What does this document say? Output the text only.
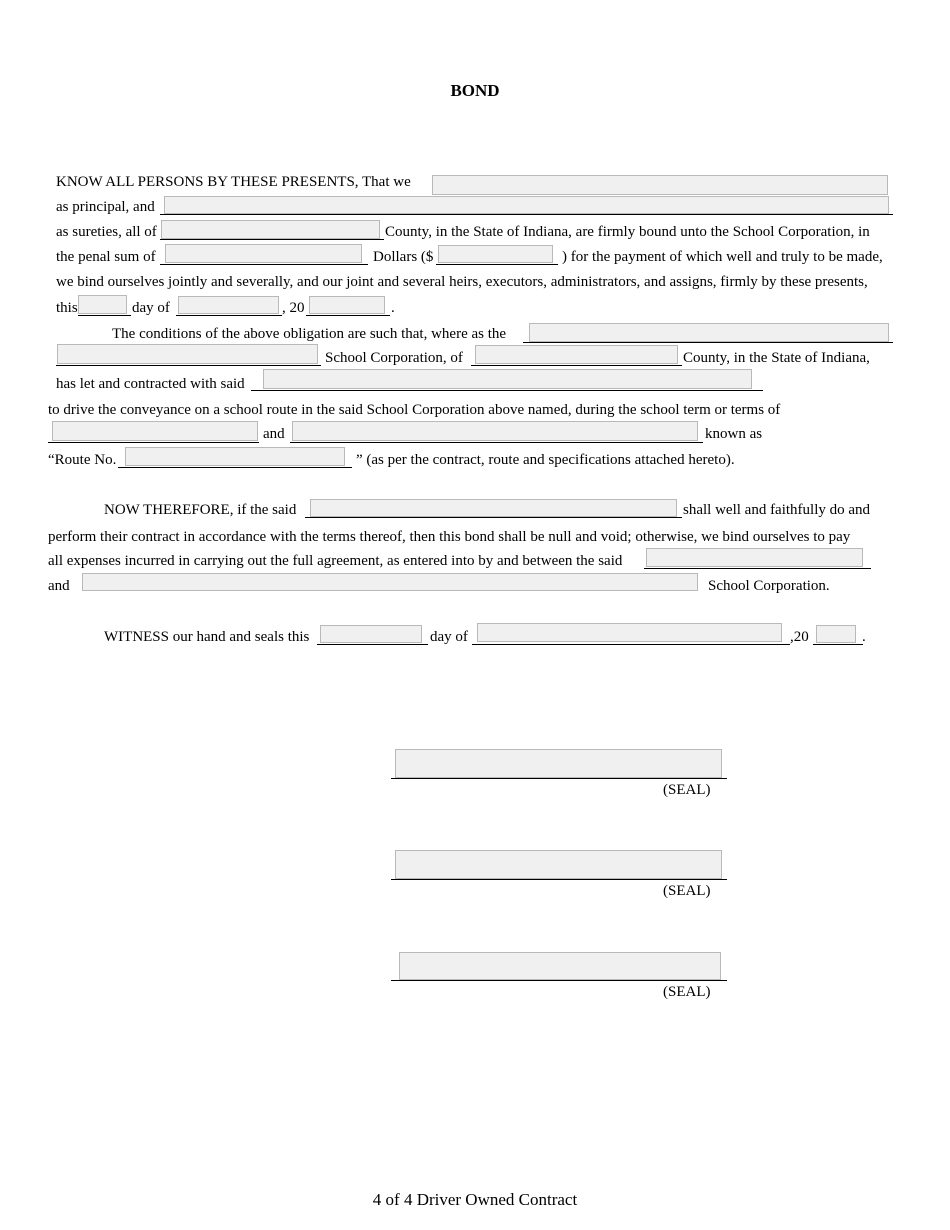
BOND
KNOW ALL PERSONS BY THESE PRESENTS, That we
as principal, and
as sureties, all of	County, in the State of Indiana, are firmly bound unto the School Corporation, in
the penal sum of	Dollars ($	) for the payment of which well and truly to be made,
we bind ourselves jointly and severally, and our joint and several heirs, executors, administrators, and assigns, firmly by these presents,
this	day of	, 20	.
The conditions of the above obligation are such that, where as the
School Corporation, of	County, in the State of Indiana,
has let and contracted with said
to drive the conveyance on a school route in the said School Corporation above named, during the school term or terms of
and	known as
“Route No.	” (as per the contract, route and specifications attached hereto).
NOW THEREFORE, if the said	shall well and faithfully do and
perform their contract in accordance with the terms thereof, then this bond shall be null and void; otherwise, we bind ourselves to pay
all expenses incurred in carrying out the full agreement, as entered into by and between the said
and	School Corporation.
WITNESS our hand and seals this	day of	,20	.
(SEAL)
(SEAL)
(SEAL)
4 of 4 Driver Owned Contract
